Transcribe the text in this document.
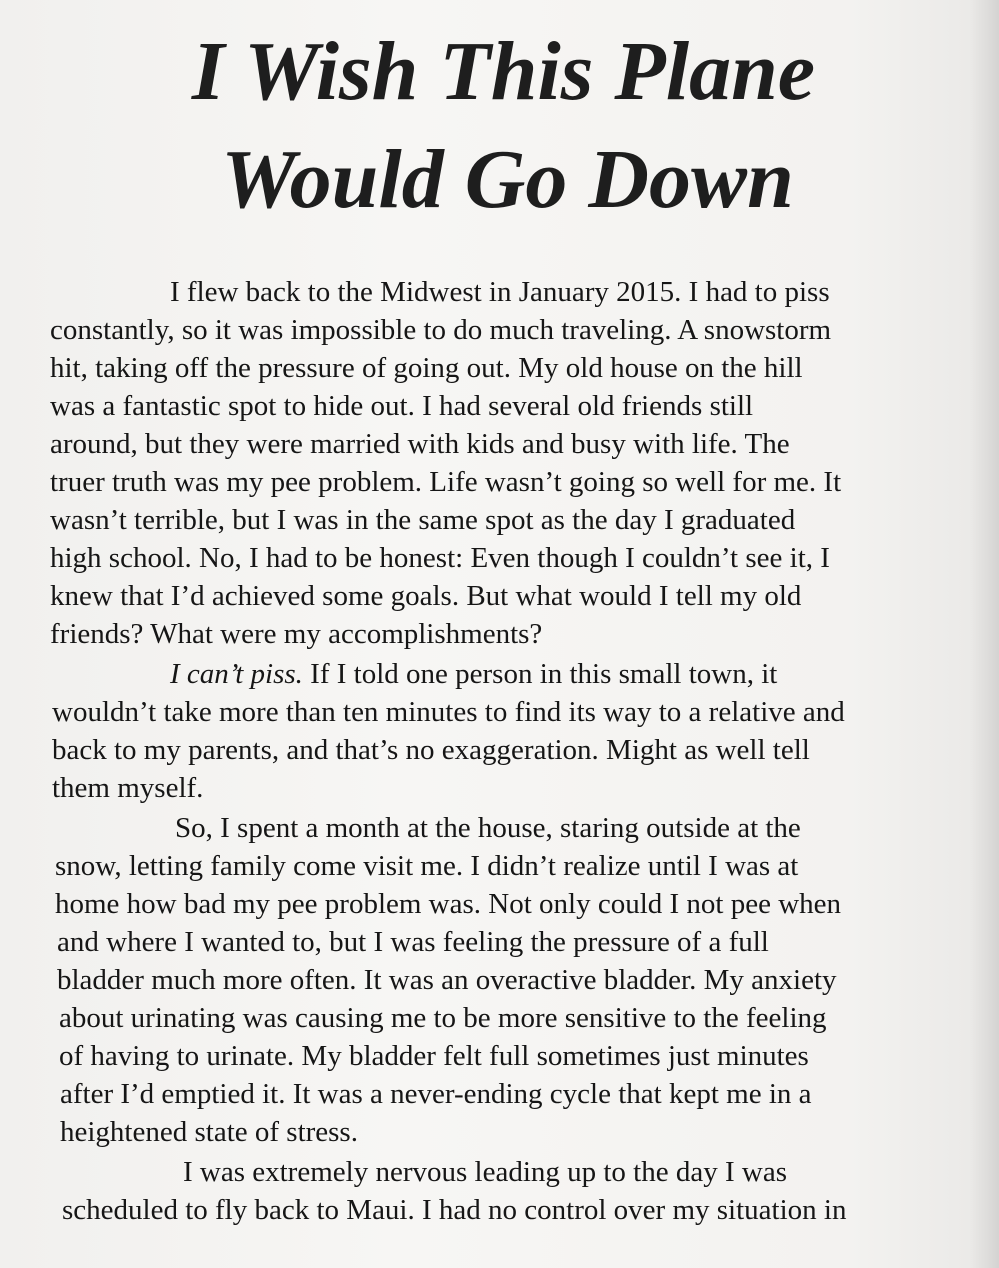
I Wish This Plane
Would Go Down

I flew back to the Midwest in January 2015. I had to piss

constantly, so it was impossible to do much traveling. A snowstorm

hit, taking off the pressure of going out. My old house on the hill

was a fantastic spot to hide out. I had several old friends still

around, but they were married with kids and busy with life. The

truer truth was my pee problem. Life wasn’t going so well for me. It

wasn’t terrible, but I was in the same spot as the day I graduated

high school. No, I had to be honest: Even though I couldn’t see it, I

knew that I’d achieved some goals. But what would I tell my old

friends? What were my accomplishments?

I can’t piss. If I told one person in this small town, it

wouldn’t take more than ten minutes to find its way to a relative and

back to my parents, and that’s no exaggeration. Might as well tell

them myself.

So, I spent a month at the house, staring outside at the

snow, letting family come visit me. I didn’t realize until I was at

home how bad my pee problem was. Not only could I not pee when

and where I wanted to, but I was feeling the pressure of a full

bladder much more often. It was an overactive bladder. My anxiety

about urinating was causing me to be more sensitive to the feeling

of having to urinate. My bladder felt full sometimes just minutes

after I’d emptied it. It was a never-ending cycle that kept me in a

heightened state of stress.

I was extremely nervous leading up to the day I was

scheduled to fly back to Maui. I had no control over my situation in
